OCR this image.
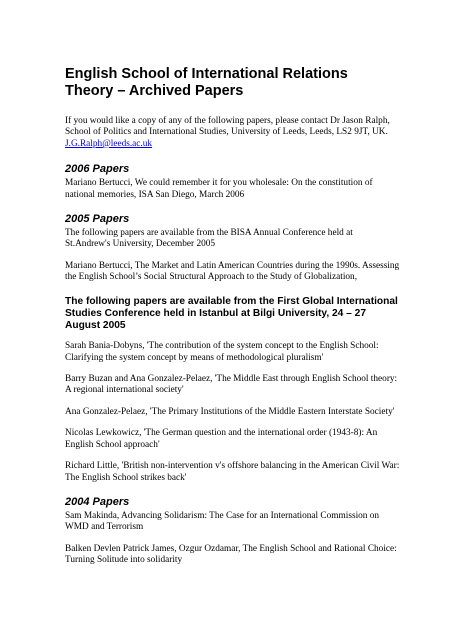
English School of International Relations Theory – Archived Papers

If you would like a copy of any of the following papers, please contact Dr Jason Ralph, School of Politics and International Studies, University of Leeds, Leeds, LS2 9JT, UK. J.G.Ralph@leeds.ac.uk

2006 Papers

Mariano Bertucci, We could remember it for you wholesale: On the constitution of national memories, ISA San Diego, March 2006

2005 Papers

The following papers are available from the BISA Annual Conference held at St.Andrew's University, December 2005

Mariano Bertucci, The Market and Latin American Countries during the 1990s. Assessing the English School’s Social Structural Approach to the Study of Globalization,

The following papers are available from the First Global International Studies Conference held in Istanbul at Bilgi University, 24 – 27 August 2005

Sarah Bania-Dobyns, 'The contribution of the system concept to the English School: Clarifying the system concept by means of methodological pluralism'

Barry Buzan and Ana Gonzalez-Pelaez, 'The Middle East through English School theory: A regional international society'

Ana Gonzalez-Pelaez, 'The Primary Institutions of the Middle Eastern Interstate Society'

Nicolas Lewkowicz, 'The German question and the international order (1943-8): An English School approach'

Richard Little, 'British non-intervention v's offshore balancing in the American Civil War: The English School strikes back'

2004 Papers

Sam Makinda, Advancing Solidarism: The Case for an International Commission on WMD and Terrorism

Balken Devlen Patrick James, Ozgur Ozdamar, The English School and Rational Choice: Turning Solitude into solidarity
